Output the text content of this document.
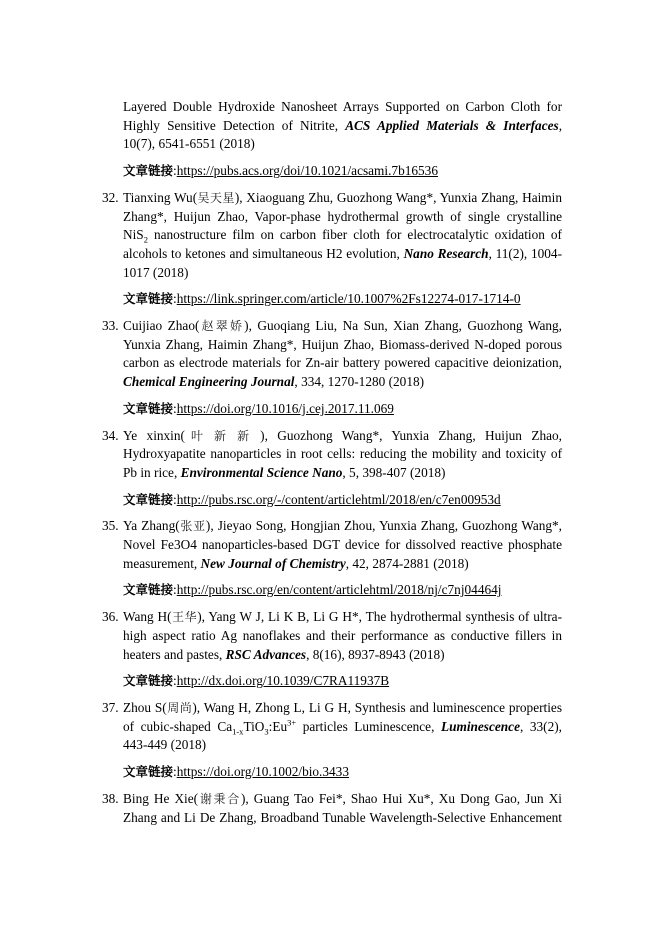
Layered Double Hydroxide Nanosheet Arrays Supported on Carbon Cloth for Highly Sensitive Detection of Nitrite, ACS Applied Materials & Interfaces, 10(7), 6541-6551 (2018)
文章链接:https://pubs.acs.org/doi/10.1021/acsami.7b16536
32. Tianxing Wu(吴天星), Xiaoguang Zhu, Guozhong Wang*, Yunxia Zhang, Haimin Zhang*, Huijun Zhao, Vapor-phase hydrothermal growth of single crystalline NiS$_2$ nanostructure film on carbon fiber cloth for electrocatalytic oxidation of alcohols to ketones and simultaneous H2 evolution, Nano Research, 11(2), 1004-1017 (2018)
文章链接:https://link.springer.com/article/10.1007%2Fs12274-017-1714-0
33. Cuijiao Zhao(赵翠娇), Guoqiang Liu, Na Sun, Xian Zhang, Guozhong Wang, Yunxia Zhang, Haimin Zhang*, Huijun Zhao, Biomass-derived N-doped porous carbon as electrode materials for Zn-air battery powered capacitive deionization, Chemical Engineering Journal, 334, 1270-1280 (2018)
文章链接:https://doi.org/10.1016/j.cej.2017.11.069
34. Ye xinxin(叶新新), Guozhong Wang*, Yunxia Zhang, Huijun Zhao, Hydroxyapatite nanoparticles in root cells: reducing the mobility and toxicity of Pb in rice, Environmental Science Nano, 5, 398-407 (2018)
文章链接:http://pubs.rsc.org/-/content/articlehtml/2018/en/c7en00953d
35. Ya Zhang(张亚), Jieyao Song, Hongjian Zhou, Yunxia Zhang, Guozhong Wang*, Novel Fe3O4 nanoparticles-based DGT device for dissolved reactive phosphate measurement, New Journal of Chemistry, 42, 2874-2881 (2018)
文章链接:http://pubs.rsc.org/en/content/articlehtml/2018/nj/c7nj04464j
36. Wang H(王华), Yang W J, Li K B, Li G H*, The hydrothermal synthesis of ultra-high aspect ratio Ag nanoflakes and their performance as conductive fillers in heaters and pastes, RSC Advances, 8(16), 8937-8943 (2018)
文章链接:http://dx.doi.org/10.1039/C7RA11937B
37. Zhou S(周尚), Wang H, Zhong L, Li G H, Synthesis and luminescence properties of cubic-shaped $Ca_{1-x}TiO_3:Eu^{3+}$ particles Luminescence, Luminescence, 33(2), 443-449 (2018)
文章链接:https://doi.org/10.1002/bio.3433
38. Bing He Xie(谢秉合), Guang Tao Fei*, Shao Hui Xu*, Xu Dong Gao, Jun Xi Zhang and Li De Zhang, Broadband Tunable Wavelength-Selective Enhancement
